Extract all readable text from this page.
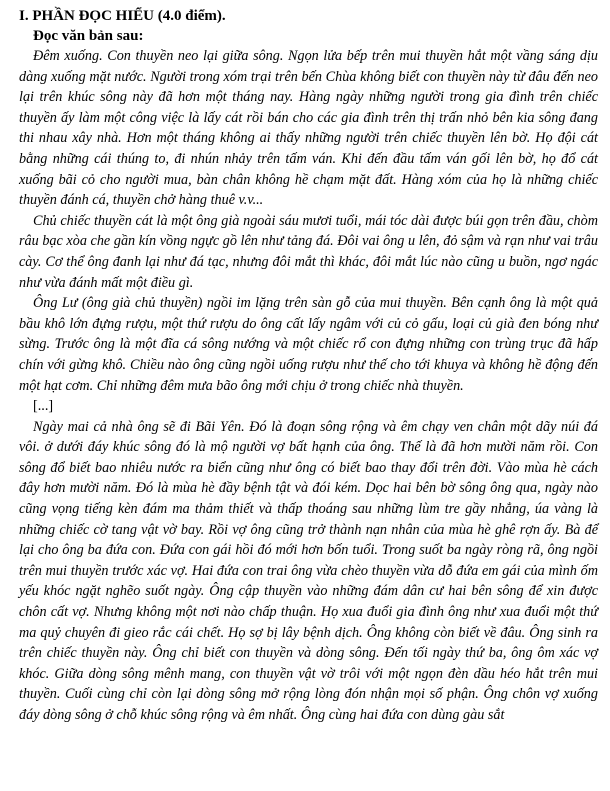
I. PHẦN ĐỌC HIỂU (4.0 điểm).

Đọc văn bản sau:

Đêm xuống. Con thuyền neo lại giữa sông. Ngọn lửa bếp trên mui thuyền hắt một vầng sáng dịu dàng xuống mặt nước. Người trong xóm trại trên bến Chùa không biết con thuyền này từ đâu đến neo lại trên khúc sông này đã hơn một tháng nay. Hàng ngày những người trong gia đình trên chiếc thuyền ấy làm một công việc là lấy cát rồi bán cho các gia đình trên thị trấn nhỏ bên kia sông đang thi nhau xây nhà. Hơn một tháng không ai thấy những người trên chiếc thuyền lên bờ. Họ đội cát bằng những cái thúng to, đi nhún nhảy trên tấm ván. Khi đến đầu tấm ván gối lên bờ, họ đổ cát xuống bãi cỏ cho người mua, bàn chân không hề chạm mặt đất. Hàng xóm của họ là những chiếc thuyền đánh cá, thuyền chở hàng thuê v.v...

Chủ chiếc thuyền cát là một ông già ngoài sáu mươi tuổi, mái tóc dài được búi gọn trên đầu, chòm râu bạc xòa che gần kín vồng ngực gồ lên như tảng đá. Đôi vai ông u lên, đỏ sậm và rạn như vai trâu cày. Cơ thể ông đanh lại như đá tạc, nhưng đôi mắt thì khác, đôi mắt lúc nào cũng u buồn, ngơ ngác như vừa đánh mất một điều gì.

Ông Lư (ông già chủ thuyền) ngồi im lặng trên sàn gỗ của mui thuyền. Bên cạnh ông là một quả bầu khô lớn đựng rượu, một thứ rượu do ông cất lấy ngâm với củ cỏ gấu, loại củ già đen bóng như sừng. Trước ông là một đĩa cá sông nướng và một chiếc rổ con đựng những con trùng trục đã hấp chín với gừng khô. Chiều nào ông cũng ngồi uống rượu như thế cho tới khuya và không hề động đến một hạt cơm. Chỉ những đêm mưa bão ông mới chịu ở trong chiếc nhà thuyền.

[...]

Ngày mai cả nhà ông sẽ đi Bãi Yên. Đó là đoạn sông rộng và êm chạy ven chân một dãy núi đá vôi. ở dưới đáy khúc sông đó là mộ người vợ bất hạnh của ông. Thế là đã hơn mười năm rồi. Con sông đổ biết bao nhiêu nước ra biển cũng như ông có biết bao thay đổi trên đời. Vào mùa hè cách đây hơn mười năm. Đó là mùa hè đầy bệnh tật và đói kém. Dọc hai bên bờ sông ông qua, ngày nào cũng vọng tiếng kèn đám ma thảm thiết và thấp thoáng sau những lùm tre gầy nhẳng, úa vàng là những chiếc cờ tang vật vờ bay. Rồi vợ ông cũng trở thành nạn nhân của mùa hè ghê rợn ấy. Bà để lại cho ông ba đứa con. Đứa con gái hồi đó mới hơn bốn tuổi. Trong suốt ba ngày ròng rã, ông ngồi trên mui thuyền trước xác vợ. Hai đứa con trai ông vừa chèo thuyền vừa dỗ đứa em gái của mình ốm yếu khóc ngặt nghẽo suốt ngày. Ông cập thuyền vào những đám dân cư hai bên sông để xin được chôn cất vợ. Nhưng không một nơi nào chấp thuận. Họ xua đuổi gia đình ông như xua đuổi một thứ ma quỷ chuyên đi gieo rắc cái chết. Họ sợ bị lây bệnh dịch. Ông không còn biết về đâu. Ông sinh ra trên chiếc thuyền này. Ông chỉ biết con thuyền và dòng sông. Đến tối ngày thứ ba, ông ôm xác vợ khóc. Giữa dòng sông mênh mang, con thuyền vật vờ trôi với một ngọn đèn dầu héo hắt trên mui thuyền. Cuối cùng chỉ còn lại dòng sông mở rộng lòng đón nhận mọi số phận. Ông chôn vợ xuống đáy dòng sông ở chỗ khúc sông rộng và êm nhất. Ông cùng hai đứa con dùng gàu sắt
